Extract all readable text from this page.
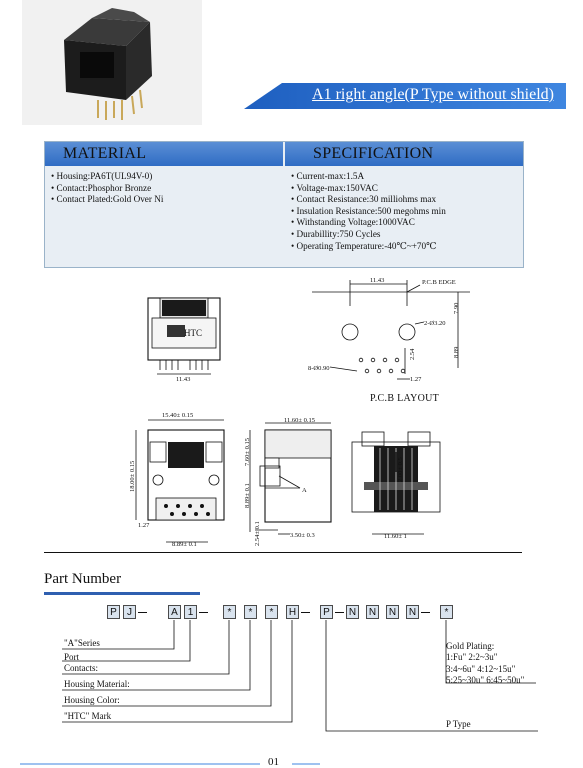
A1 right angle(P Type without shield)
MATERIAL	SPECIFICATION
• Housing:PA6T(UL94V-0)
• Contact:Phosphor Bronze
• Contact Plated:Gold Over Ni
• Current-max:1.5A
• Voltage-max:150VAC
• Contact Resistance:30 milliohms max
• Insulation Resistance:500 megohms min
• Withstanding Voltage:1000VAC
• Durabillity:750 Cycles
• Operating Temperature:-40℃~+70℃
HTC
11.43
11.43	P.C.B EDGE
2-Ø3.20
7.90
8.89
2.54
8-Ø0.90
1.27
15.40± 0.15
18.00± 0.15
1.27
8.89± 0.1
11.60± 0.15
7.60± 0.15
8.89± 0.1
2.54± 0.1
A
3.50± 0.3
2.00± 0.5
11.60± 1
P.C.B LAYOUT
Part Number
P	J	A 1	*	*	*	H	P	N N N N	*
"A"Series
Port
Contacts:
Housing Material:
Housing Color:
"HTC" Mark
P Type
Gold Plating:
1:Fu" 2:2~3u"
3:4~6u" 4:12~15u"
5:25~30u" 6:45~50u"
01
